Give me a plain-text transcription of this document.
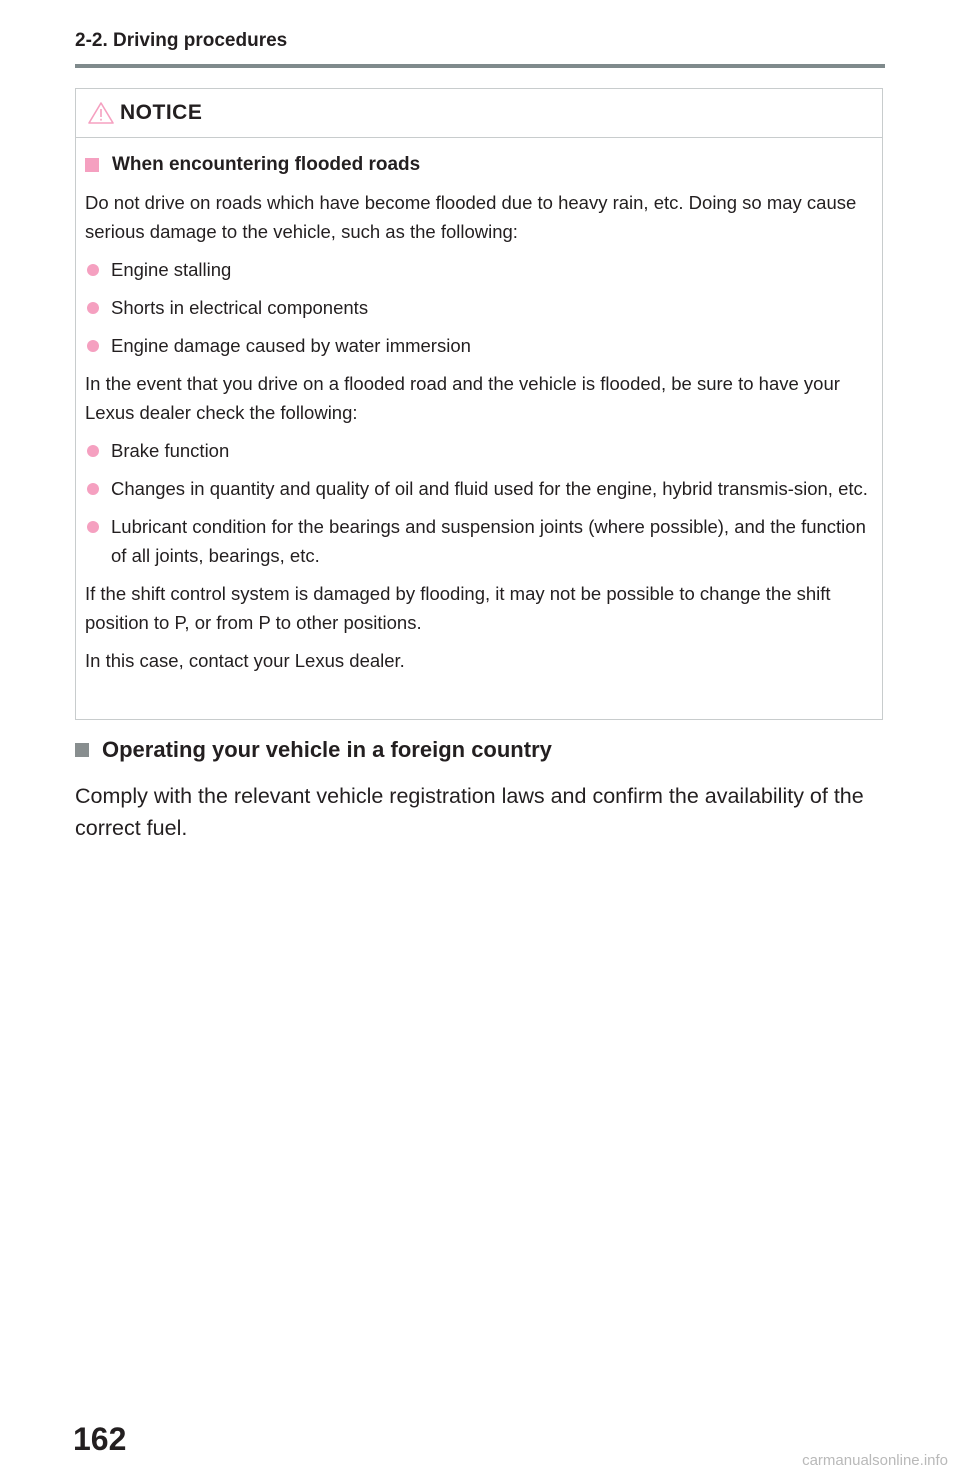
2-2. Driving procedures
NOTICE
When encountering flooded roads

Do not drive on roads which have become flooded due to heavy rain, etc. Doing so may cause serious damage to the vehicle, such as the following:

Engine stalling
Shorts in electrical components
Engine damage caused by water immersion

In the event that you drive on a flooded road and the vehicle is flooded, be sure to have your Lexus dealer check the following:

Brake function
Changes in quantity and quality of oil and fluid used for the engine, hybrid transmis-sion, etc.
Lubricant condition for the bearings and suspension joints (where possible), and the function of all joints, bearings, etc.

If the shift control system is damaged by flooding, it may not be possible to change the shift position to P, or from P to other positions.

In this case, contact your Lexus dealer.

Operating your vehicle in a foreign country
Comply with the relevant vehicle registration laws and confirm the availability of the correct fuel.
162
carmanualsonline.info
